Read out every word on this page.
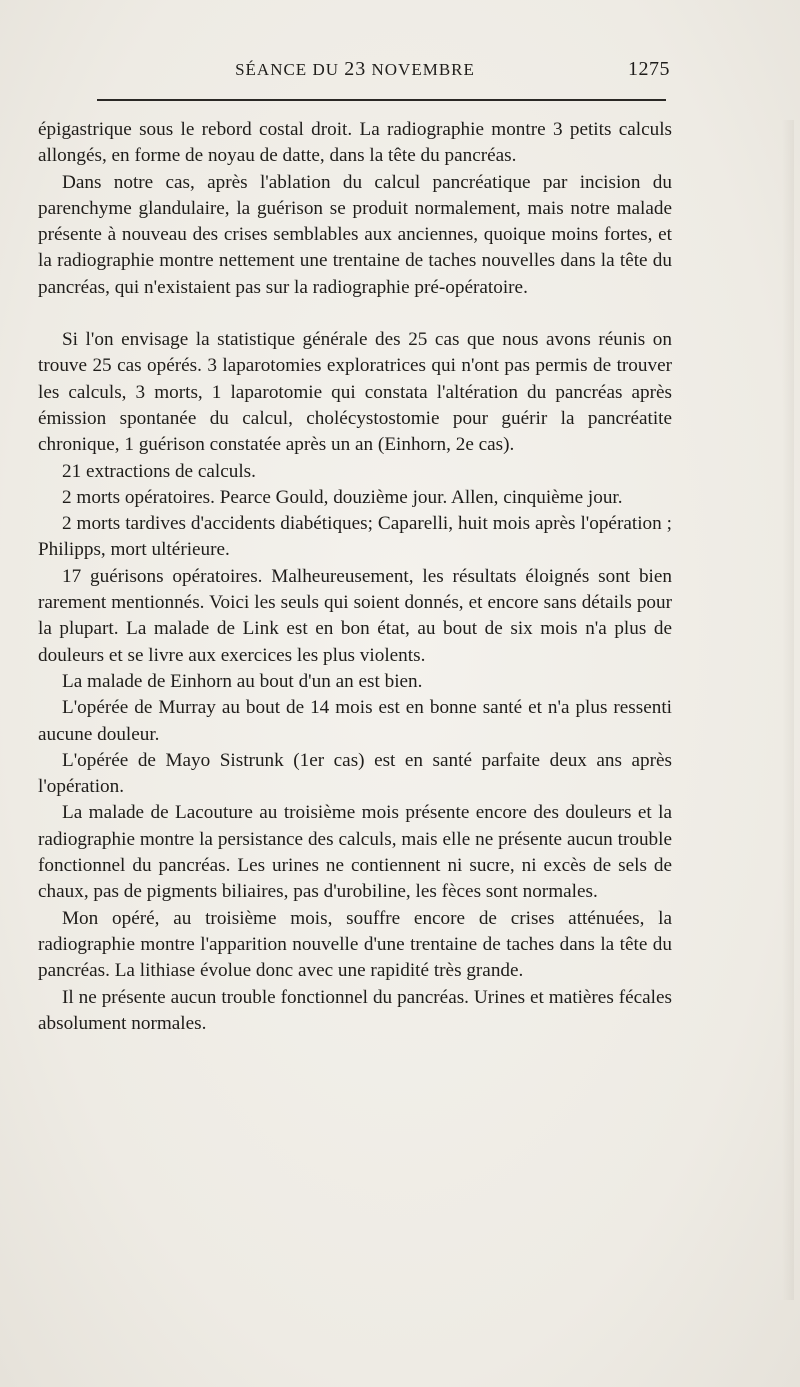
SÉANCE DU 23 NOVEMBRE	1275

épigastrique sous le rebord costal droit. La radiographie montre 3 petits calculs allongés, en forme de noyau de datte, dans la tête du pancréas.

Dans notre cas, après l'ablation du calcul pancréatique par incision du parenchyme glandulaire, la guérison se produit normalement, mais notre malade présente à nouveau des crises semblables aux anciennes, quoique moins fortes, et la radiographie montre nettement une trentaine de taches nouvelles dans la tête du pancréas, qui n'existaient pas sur la radiographie pré-opératoire.

Si l'on envisage la statistique générale des 25 cas que nous avons réunis on trouve 25 cas opérés. 3 laparotomies exploratrices qui n'ont pas permis de trouver les calculs, 3 morts, 1 laparotomie qui constata l'altération du pancréas après émission spontanée du calcul, cholécystostomie pour guérir la pancréatite chronique, 1 guérison constatée après un an (Einhorn, 2e cas).

21 extractions de calculs.

2 morts opératoires. Pearce Gould, douzième jour. Allen, cinquième jour.

2 morts tardives d'accidents diabétiques; Caparelli, huit mois après l'opération ; Philipps, mort ultérieure.

17 guérisons opératoires. Malheureusement, les résultats éloignés sont bien rarement mentionnés. Voici les seuls qui soient donnés, et encore sans détails pour la plupart. La malade de Link est en bon état, au bout de six mois n'a plus de douleurs et se livre aux exercices les plus violents.

La malade de Einhorn au bout d'un an est bien.

L'opérée de Murray au bout de 14 mois est en bonne santé et n'a plus ressenti aucune douleur.

L'opérée de Mayo Sistrunk (1er cas) est en santé parfaite deux ans après l'opération.

La malade de Lacouture au troisième mois présente encore des douleurs et la radiographie montre la persistance des calculs, mais elle ne présente aucun trouble fonctionnel du pancréas. Les urines ne contiennent ni sucre, ni excès de sels de chaux, pas de pigments biliaires, pas d'urobiline, les fèces sont normales.

Mon opéré, au troisième mois, souffre encore de crises atténuées, la radiographie montre l'apparition nouvelle d'une trentaine de taches dans la tête du pancréas. La lithiase évolue donc avec une rapidité très grande.

Il ne présente aucun trouble fonctionnel du pancréas. Urines et matières fécales absolument normales.
